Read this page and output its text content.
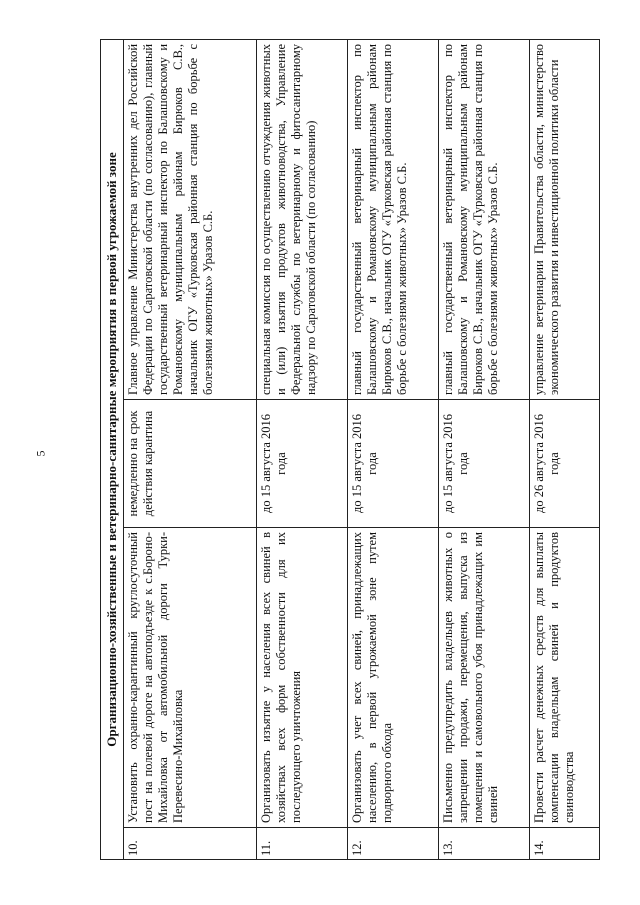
5	Организационно-хозяйственные и ветеринарно-санитарные мероприятия в первой угрожаемой зоне			
10.	Установить охранно-карантинный круглосуточный пост на полевой дороге на автоподъезде к с.Бороно-Михайловка от автомобильной дороги Турки-Перевесино-Михайловка	немедленно на срок действия карантина	Главное управление Министерства внутренних дел Российской Федерации по Саратовской области (по согласованию), главный государственный ветеринарный инспектор по Балашовскому и Романовскому муниципальным районам Бирюков С.В., начальник ОГУ «Турковская районная станция по борьбе с болезнями животных» Уразов С.Б.
11.	Организовать изъятие у населения всех свиней в хозяйствах всех форм собственности для их последующего уничтожения	до 15 августа 2016 года	специальная комиссия по осуществлению отчуждения животных и (или) изъятия продуктов животноводства, Управление Федеральной службы по ветеринарному и фитосанитарному надзору по Саратовской области (по согласованию)
12.	Организовать учет всех свиней, принадлежащих населению, в первой угрожаемой зоне путем подворного обхода	до 15 августа 2016 года	главный государственный ветеринарный инспектор по Балашовскому и Романовскому муниципальным районам Бирюков С.В., начальник ОГУ «Турковская районная станция по борьбе с болезнями животных» Уразов С.Б.
13.	Письменно предупредить владельцев животных о запрещении продажи, перемещения, выпуска из помещения и самовольного убоя принадлежащих им свиней	до 15 августа 2016 года	главный государственный ветеринарный инспектор по Балашовскому и Романовскому муниципальным районам Бирюков С.В., начальник ОГУ «Турковская районная станция по борьбе с болезнями животных» Уразов С.Б.
14.	Провести расчет денежных средств для выплаты компенсации владельцам свиней и продуктов свиноводства	до 26 августа 2016 года	управление ветеринарии Правительства области, министерство экономического развития и инвестиционной политики области
